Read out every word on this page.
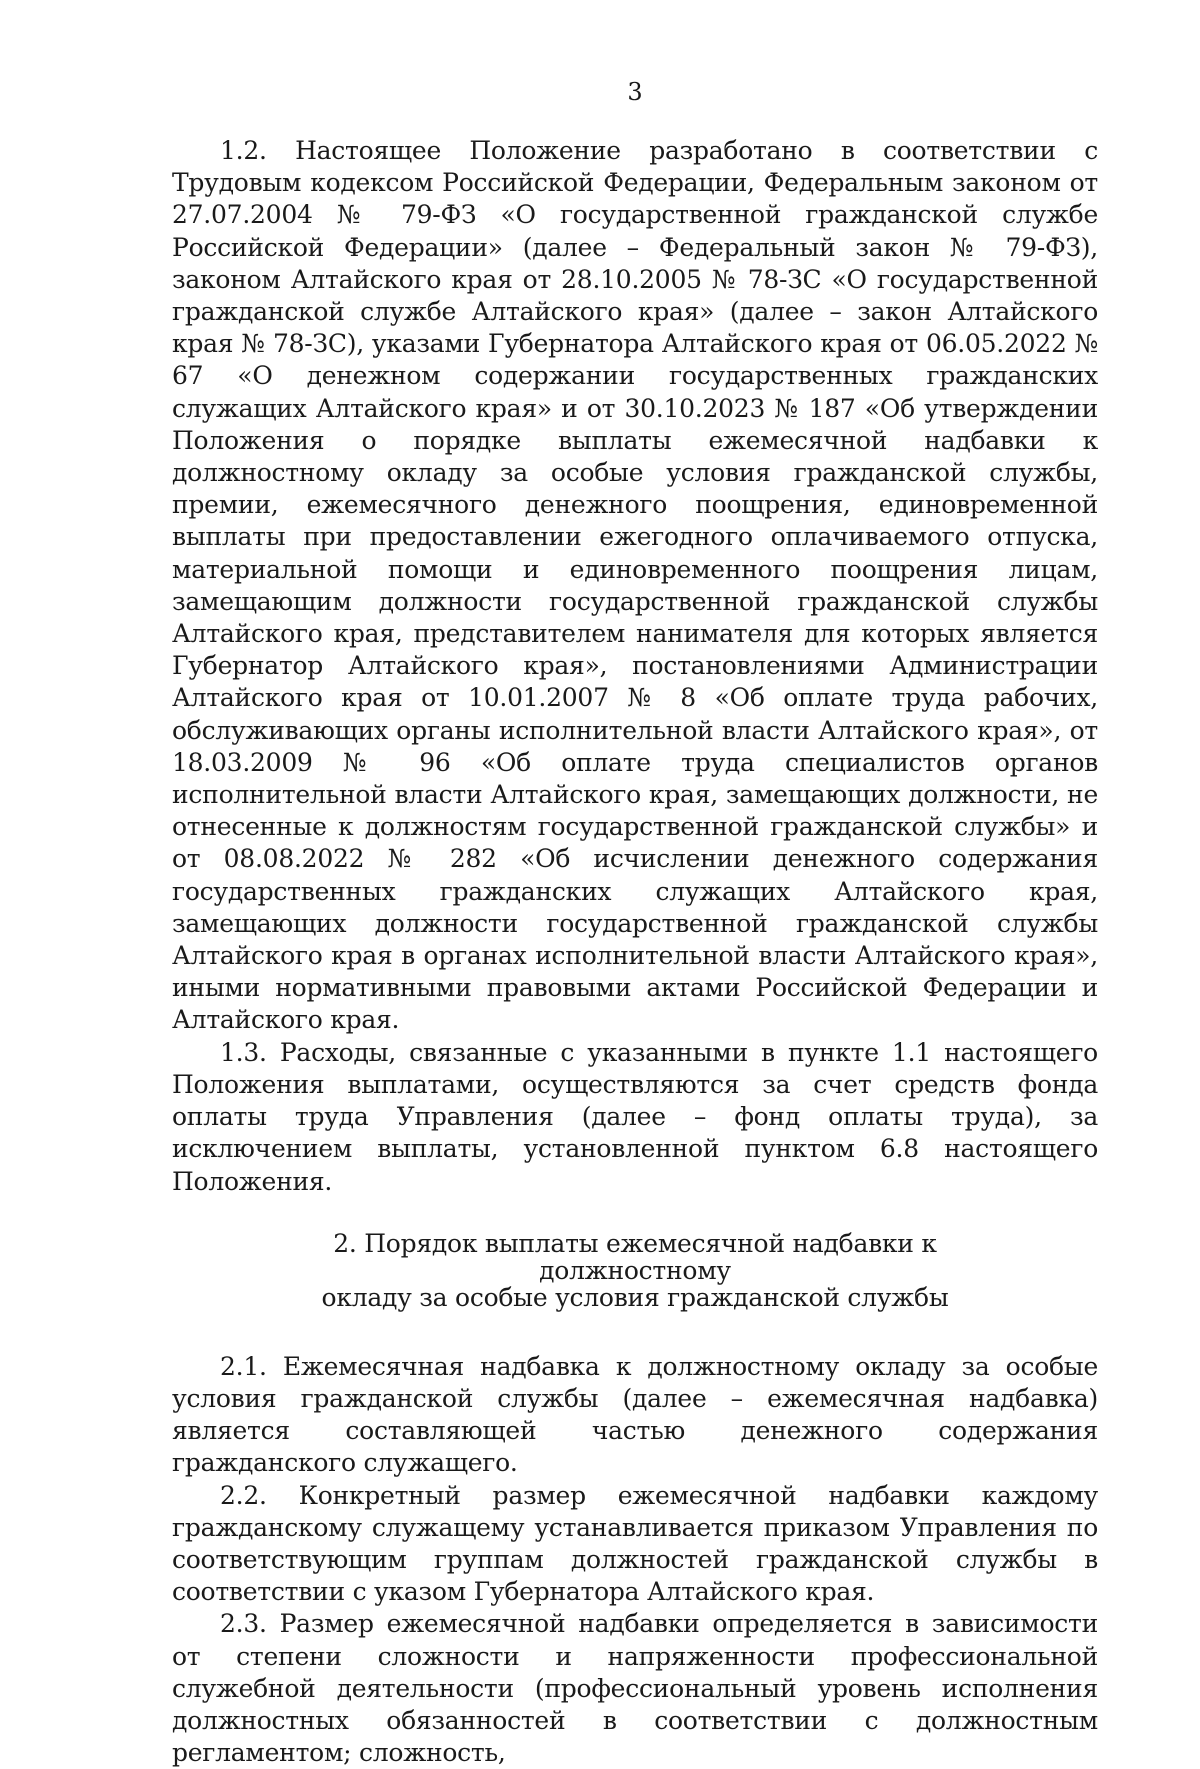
3

1.2. Настоящее Положение разработано в соответствии с Трудовым кодексом Российской Федерации, Федеральным законом от 27.07.2004 № 79-ФЗ «О государственной гражданской службе Российской Федерации» (далее – Федеральный закон № 79-ФЗ), законом Алтайского края от 28.10.2005 № 78-ЗС «О государственной гражданской службе Алтайского края» (далее – закон Алтайского края № 78-ЗС), указами Губернатора Алтайского края от 06.05.2022 № 67 «О денежном содержании государственных гражданских служащих Алтайского края» и от 30.10.2023 № 187 «Об утверждении Положения о порядке выплаты ежемесячной надбавки к должностному окладу за особые условия гражданской службы, премии, ежемесячного денежного поощрения, единовременной выплаты при предоставлении ежегодного оплачиваемого отпуска, материальной помощи и единовременного поощрения лицам, замещающим должности государственной гражданской службы Алтайского края, представителем нанимателя для которых является Губернатор Алтайского края», постановлениями Администрации Алтайского края от 10.01.2007 № 8 «Об оплате труда рабочих, обслуживающих органы исполнительной власти Алтайского края», от 18.03.2009 № 96 «Об оплате труда специалистов органов исполнительной власти Алтайского края, замещающих должности, не отнесенные к должностям государственной гражданской службы» и от 08.08.2022 № 282 «Об исчислении денежного содержания государственных гражданских служащих Алтайского края, замещающих должности государственной гражданской службы Алтайского края в органах исполнительной власти Алтайского края», иными нормативными правовыми актами Российской Федерации и Алтайского края.

1.3. Расходы, связанные с указанными в пункте 1.1 настоящего Положения выплатами, осуществляются за счет средств фонда оплаты труда Управления (далее – фонд оплаты труда), за исключением выплаты, установленной пунктом 6.8 настоящего Положения.

2. Порядок выплаты ежемесячной надбавки к должностному
окладу за особые условия гражданской службы

2.1. Ежемесячная надбавка к должностному окладу за особые условия гражданской службы (далее – ежемесячная надбавка) является составляющей частью денежного содержания гражданского служащего.

2.2. Конкретный размер ежемесячной надбавки каждому гражданскому служащему устанавливается приказом Управления по соответствующим группам должностей гражданской службы в соответствии с указом Губернатора Алтайского края.

2.3. Размер ежемесячной надбавки определяется в зависимости от степени сложности и напряженности профессиональной служебной деятельности (профессиональный уровень исполнения должностных обязанностей в соответствии с должностным регламентом; сложность,
